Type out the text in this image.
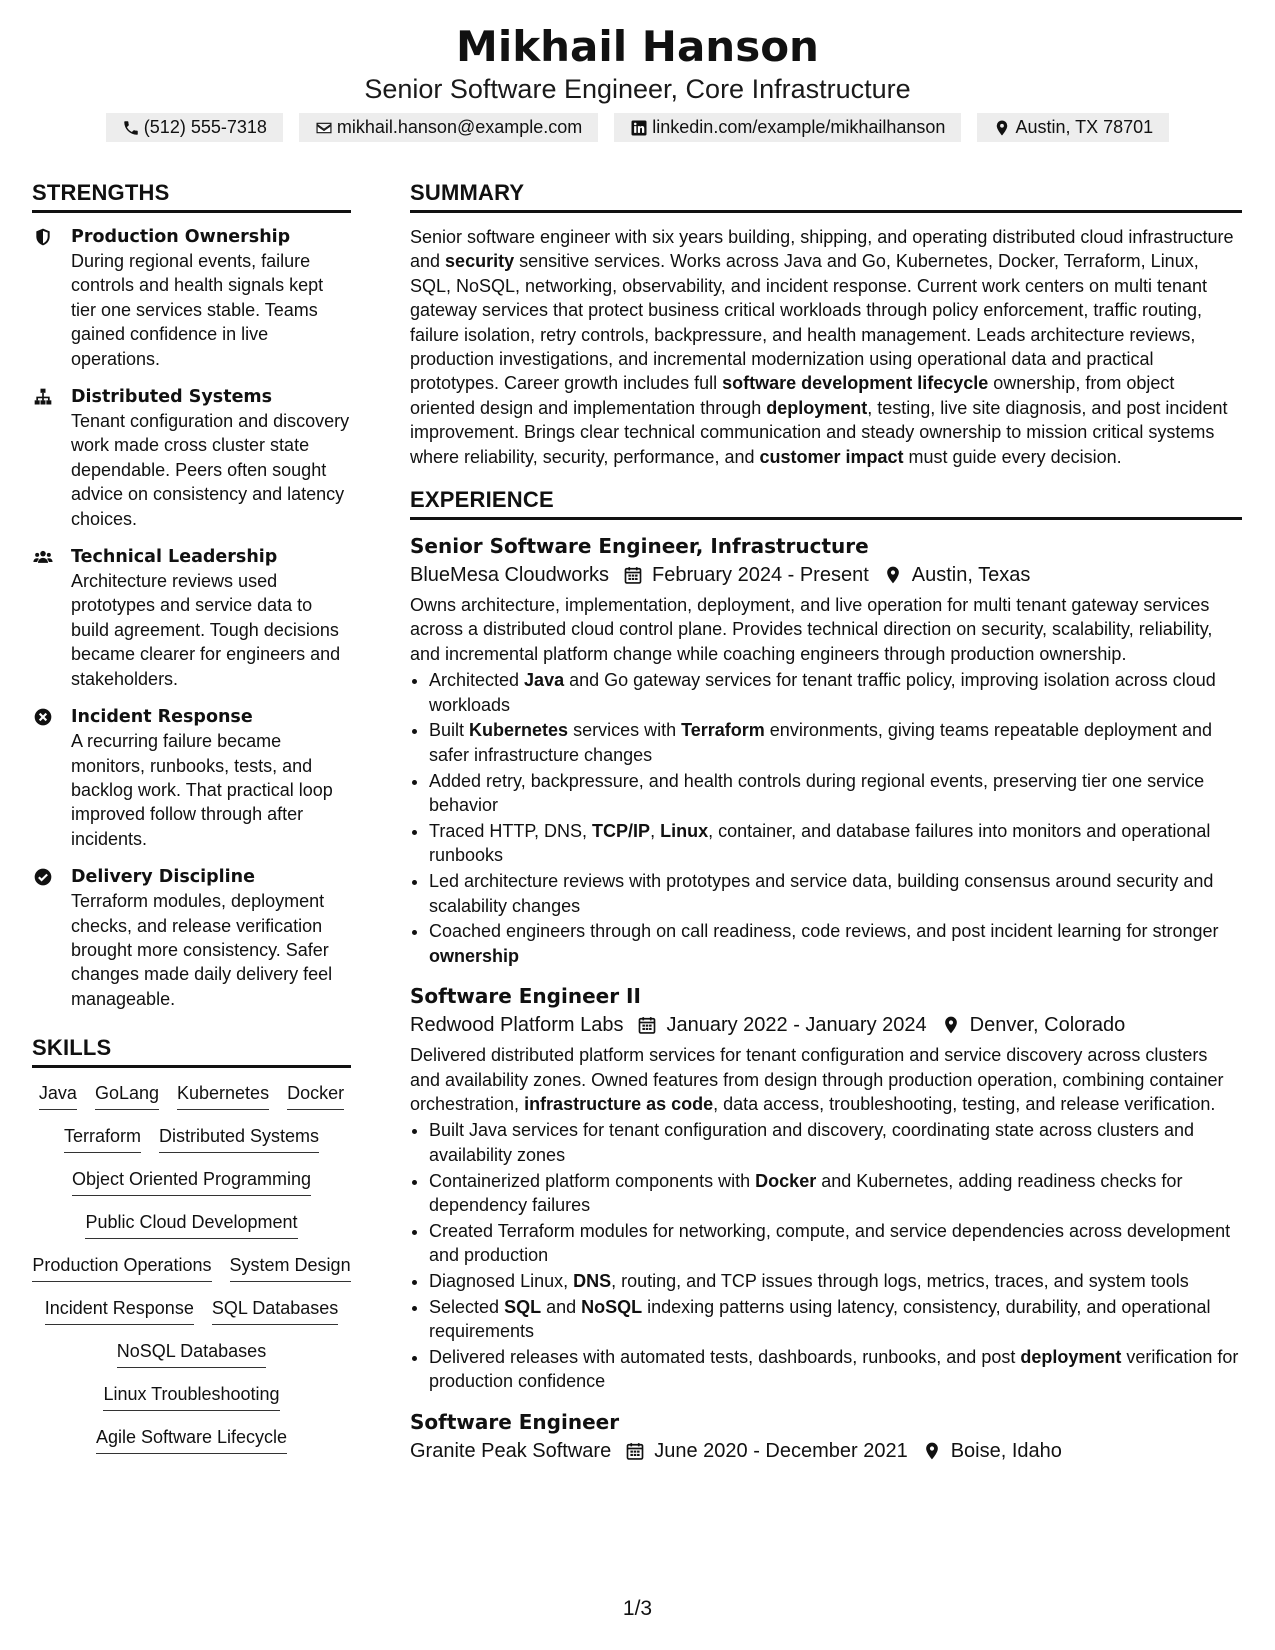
Mikhail Hanson
Senior Software Engineer, Core Infrastructure
(512) 555-7318	mikhail.hanson@example.com	linkedin.com/example/mikhailhanson	Austin, TX 78701
STRENGTHS
Production Ownership
During regional events, failure controls and health signals kept tier one services stable. Teams gained confidence in live operations.
Distributed Systems
Tenant configuration and discovery work made cross cluster state dependable. Peers often sought advice on consistency and latency choices.
Technical Leadership
Architecture reviews used prototypes and service data to build agreement. Tough decisions became clearer for engineers and stakeholders.
Incident Response
A recurring failure became monitors, runbooks, tests, and backlog work. That practical loop improved follow through after incidents.
Delivery Discipline
Terraform modules, deployment checks, and release verification brought more consistency. Safer changes made daily delivery feel manageable.
SKILLS
Java GoLang Kubernetes Docker
Terraform Distributed Systems
Object Oriented Programming
Public Cloud Development
Production Operations System Design
Incident Response SQL Databases
NoSQL Databases
Linux Troubleshooting
Agile Software Lifecycle
SUMMARY
Senior software engineer with six years building, shipping, and operating distributed cloud infrastructure and security sensitive services. Works across Java and Go, Kubernetes, Docker, Terraform, Linux, SQL, NoSQL, networking, observability, and incident response. Current work centers on multi tenant gateway services that protect business critical workloads through policy enforcement, traffic routing, failure isolation, retry controls, backpressure, and health management. Leads architecture reviews, production investigations, and incremental modernization using operational data and practical prototypes. Career growth includes full software development lifecycle ownership, from object oriented design and implementation through deployment, testing, live site diagnosis, and post incident improvement. Brings clear technical communication and steady ownership to mission critical systems where reliability, security, performance, and customer impact must guide every decision.
EXPERIENCE
Senior Software Engineer, Infrastructure
BlueMesa Cloudworks February 2024 - Present Austin, Texas
Owns architecture, implementation, deployment, and live operation for multi tenant gateway services across a distributed cloud control plane. Provides technical direction on security, scalability, reliability, and incremental platform change while coaching engineers through production ownership.
• Architected Java and Go gateway services for tenant traffic policy, improving isolation across cloud workloads
• Built Kubernetes services with Terraform environments, giving teams repeatable deployment and safer infrastructure changes
• Added retry, backpressure, and health controls during regional events, preserving tier one service behavior
• Traced HTTP, DNS, TCP/IP, Linux, container, and database failures into monitors and operational runbooks
• Led architecture reviews with prototypes and service data, building consensus around security and scalability changes
• Coached engineers through on call readiness, code reviews, and post incident learning for stronger ownership
Software Engineer II
Redwood Platform Labs January 2022 - January 2024 Denver, Colorado
Delivered distributed platform services for tenant configuration and service discovery across clusters and availability zones. Owned features from design through production operation, combining container orchestration, infrastructure as code, data access, troubleshooting, testing, and release verification.
• Built Java services for tenant configuration and discovery, coordinating state across clusters and availability zones
• Containerized platform components with Docker and Kubernetes, adding readiness checks for dependency failures
• Created Terraform modules for networking, compute, and service dependencies across development and production
• Diagnosed Linux, DNS, routing, and TCP issues through logs, metrics, traces, and system tools
• Selected SQL and NoSQL indexing patterns using latency, consistency, durability, and operational requirements
• Delivered releases with automated tests, dashboards, runbooks, and post deployment verification for production confidence
Software Engineer
Granite Peak Software June 2020 - December 2021 Boise, Idaho
1/3
